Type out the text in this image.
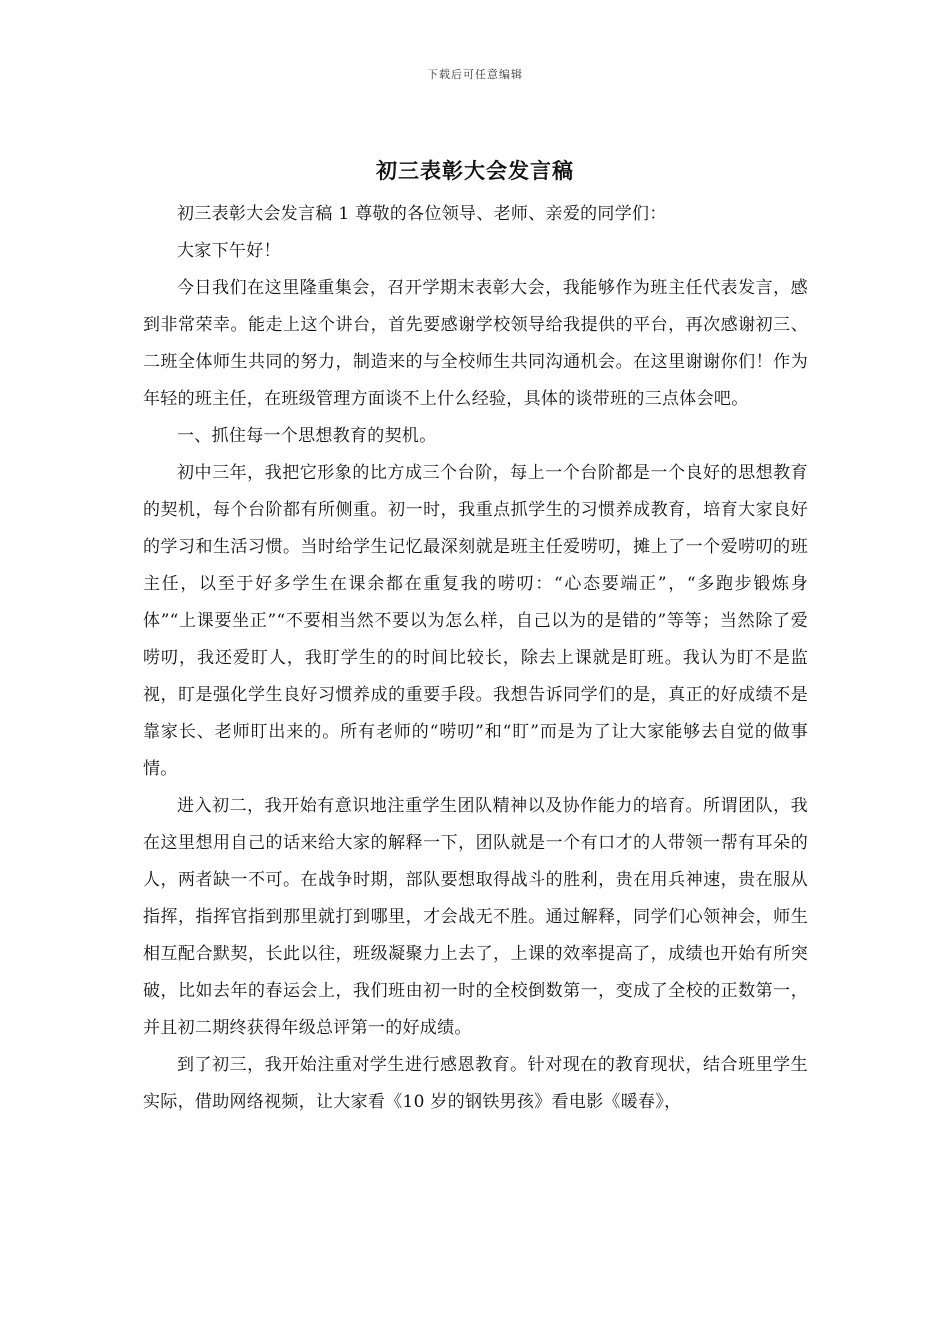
下载后可任意编辑
初三表彰大会发言稿

初三表彰大会发言稿 1 尊敬的各位领导、老师、亲爱的同学们：

大家下午好！

今日我们在这里隆重集会，召开学期末表彰大会，我能够作为班主任代表发言，感到非常荣幸。能走上这个讲台，首先要感谢学校领导给我提供的平台，再次感谢初三、二班全体师生共同的努力，制造来的与全校师生共同沟通机会。在这里谢谢你们！作为年轻的班主任，在班级管理方面谈不上什么经验，具体的谈带班的三点体会吧。

一、抓住每一个思想教育的契机。

初中三年，我把它形象的比方成三个台阶，每上一个台阶都是一个良好的思想教育的契机，每个台阶都有所侧重。初一时，我重点抓学生的习惯养成教育，培育大家良好的学习和生活习惯。当时给学生记忆最深刻就是班主任爱唠叨，摊上了一个爱唠叨的班主任，以至于好多学生在课余都在重复我的唠叨：“心态要端正”，“多跑步锻炼身体”“上课要坐正”“不要相当然不要以为怎么样，自己以为的是错的”等等；当然除了爱唠叨，我还爱盯人，我盯学生的的时间比较长，除去上课就是盯班。我认为盯不是监视，盯是强化学生良好习惯养成的重要手段。我想告诉同学们的是，真正的好成绩不是靠家长、老师盯出来的。所有老师的“唠叨”和“盯”而是为了让大家能够去自觉的做事情。

进入初二，我开始有意识地注重学生团队精神以及协作能力的培育。所谓团队，我在这里想用自己的话来给大家的解释一下，团队就是一个有口才的人带领一帮有耳朵的人，两者缺一不可。在战争时期，部队要想取得战斗的胜利，贵在用兵神速，贵在服从指挥，指挥官指到那里就打到哪里，才会战无不胜。通过解释，同学们心领神会，师生相互配合默契，长此以往，班级凝聚力上去了，上课的效率提高了，成绩也开始有所突破，比如去年的春运会上，我们班由初一时的全校倒数第一，变成了全校的正数第一，并且初二期终获得年级总评第一的好成绩。

到了初三，我开始注重对学生进行感恩教育。针对现在的教育现状，结合班里学生实际，借助网络视频，让大家看《10 岁的钢铁男孩》看电影《暖春》，
